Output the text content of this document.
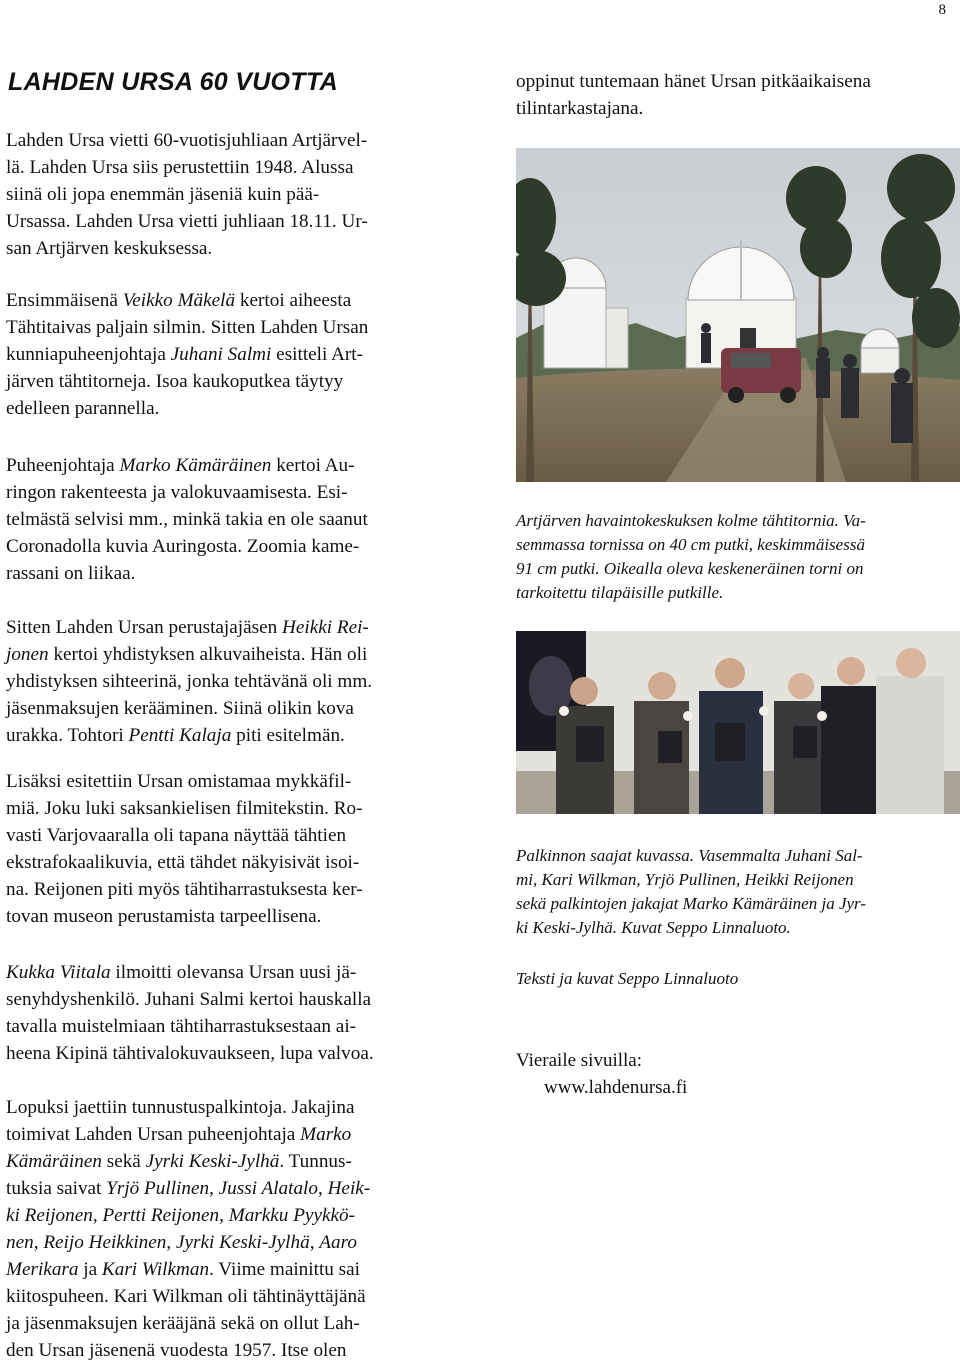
8
LAHDEN URSA 60 VUOTTA

Lahden Ursa vietti 60-vuotisjuhliaan Artjärvel-
lä. Lahden Ursa siis perustettiin 1948. Alussa
siinä oli jopa enemmän jäseniä kuin pää-
Ursassa. Lahden Ursa vietti juhliaan 18.11. Ur-
san Artjärven keskuksessa.

Ensimmäisenä Veikko Mäkelä kertoi aiheesta
Tähtitaivas paljain silmin. Sitten Lahden Ursan
kunniapuheenjohtaja Juhani Salmi esitteli Art-
järven tähtitorneja. Isoa kaukoputkea täytyy
edelleen parannella.

Puheenjohtaja Marko Kämäräinen kertoi Au-
ringon rakenteesta ja valokuvaamisesta. Esi-
telmästä selvisi mm., minkä takia en ole saanut
Coronadolla kuvia Auringosta. Zoomia kame-
rassani on liikaa.

Sitten Lahden Ursan perustajajäsen Heikki Rei-
jonen kertoi yhdistyksen alkuvaiheista. Hän oli
yhdistyksen sihteerinä, jonka tehtävänä oli mm.
jäsenmaksujen kerääminen. Siinä olikin kova
urakka. Tohtori Pentti Kalaja piti esitelmän.

Lisäksi esitettiin Ursan omistamaa mykkäfil-
miä. Joku luki saksankielisen filmitekstin. Ro-
vasti Varjovaaralla oli tapana näyttää tähtien
ekstrafokaalikuvia, että tähdet näkyisivät isoi-
na. Reijonen piti myös tähtiharrastuksesta ker-
tovan museon perustamista tarpeellisena.

Kukka Viitala ilmoitti olevansa Ursan uusi jä-
senyhdyshenkilö. Juhani Salmi kertoi hauskalla
tavalla muistelmiaan tähtiharrastuksestaan ai-
heena Kipinä tähtivalokuvaukseen, lupa valvoa.

Lopuksi jaettiin tunnustuspalkintoja. Jakajina
toimivat Lahden Ursan puheenjohtaja Marko
Kämäräinen sekä Jyrki Keski-Jylhä. Tunnus-
tuksia saivat Yrjö Pullinen, Jussi Alatalo, Heik-
ki Reijonen, Pertti Reijonen, Markku Pyykkö-
nen, Reijo Heikkinen, Jyrki Keski-Jylhä, Aaro
Merikara ja Kari Wilkman. Viime mainittu sai
kiitospuheen. Kari Wilkman oli tähtinäyttäjänä
ja jäsenmaksujen kerääjänä sekä on ollut Lah-
den Ursan jäsenenä vuodesta 1957. Itse olen

oppinut tuntemaan hänet Ursan pitkäaikaisena
tilintarkastajana.

Artjärven havaintokeskuksen kolme tähtitornia. Va-
semmassa tornissa on 40 cm putki, keskimmäisessä
91 cm putki. Oikealla oleva keskeneräinen torni on
tarkoitettu tilapäisille putkille.

Palkinnon saajat kuvassa. Vasemmalta Juhani Sal-
mi, Kari Wilkman, Yrjö Pullinen, Heikki Reijonen
sekä palkintojen jakajat Marko Kämäräinen ja Jyr-
ki Keski-Jylhä. Kuvat Seppo Linnaluoto.

Teksti ja kuvat Seppo Linnaluoto

Vieraile sivuilla:
www.lahdenursa.fi
